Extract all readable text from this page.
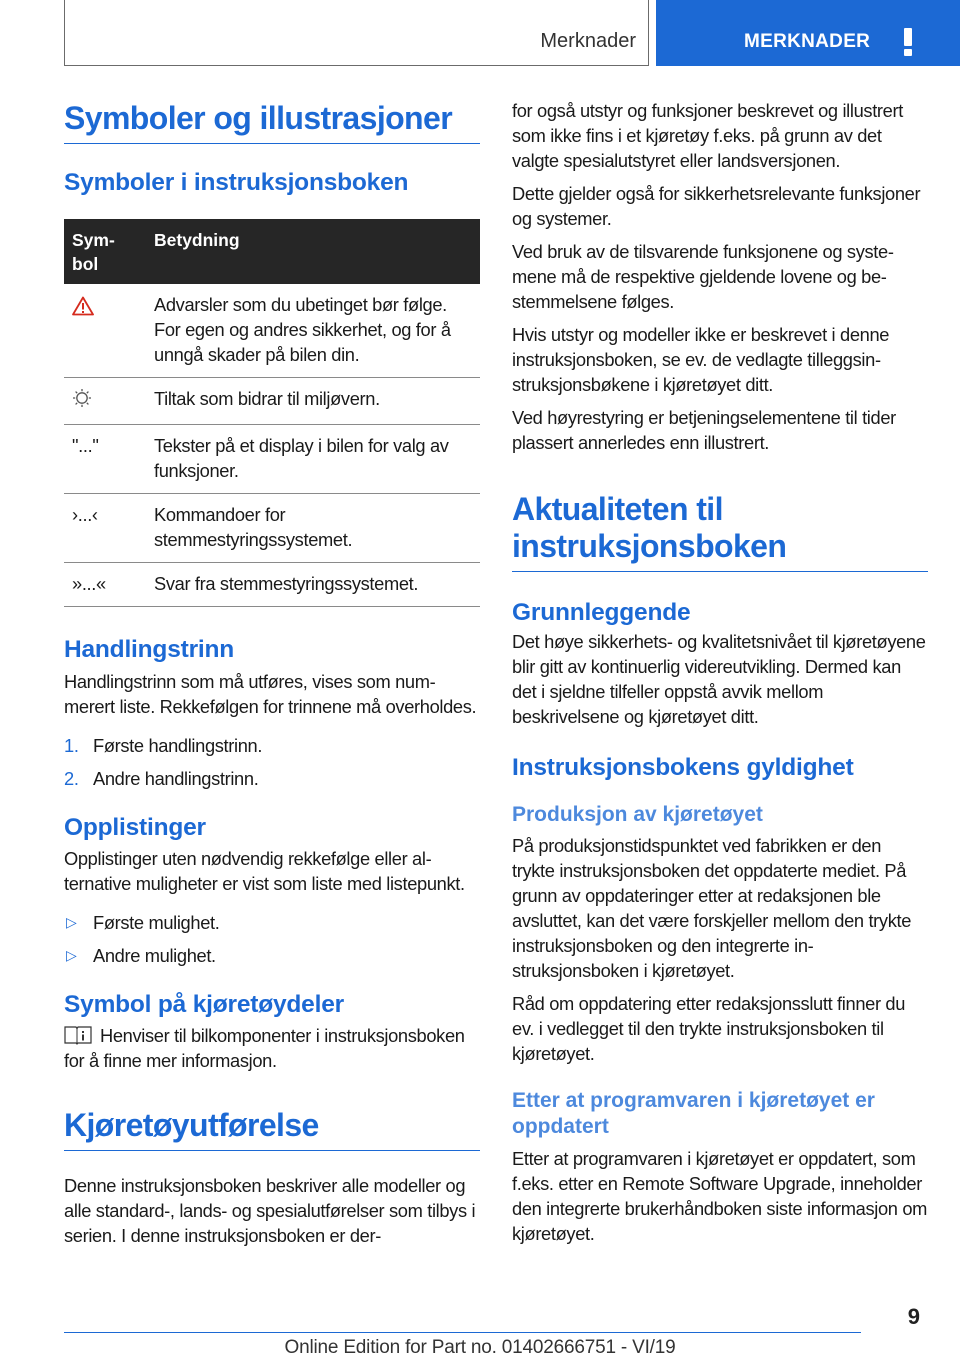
Merknader	MERKNADER
Symboler og illustrasjoner
Symboler i instruksjonsboken
Sym-
bol	Betydning
	Advarsler som du ubetinget bør følge. For egen og andres sikkerhet, og for å unngå skader på bilen din.
	Tiltak som bidrar til miljøvern.
"..."	Tekster på et display i bilen for valg av funksjoner.
›...‹	Kommandoer for stemmestyringssystemet.
»...«	Svar fra stemmestyringssystemet.
Handlingstrinn

Handlingstrinn som må utføres, vises som nummerert liste. Rekkefølgen for trinnene må overholdes.

1. Første handlingstrinn.
2. Andre handlingstrinn.
Opplistinger

Opplistinger uten nødvendig rekkefølge eller alternative muligheter er vist som liste med listepunkt.

▷ Første mulighet.
▷ Andre mulighet.
Symbol på kjøretøydeler

Henviser til bilkomponenter i instruksjonsboken for å finne mer informasjon.

Kjøretøyutførelse

Denne instruksjonsboken beskriver alle modeller og alle standard-, lands- og spesialutførelser som tilbys i serien. I denne instruksjonsboken er der-

for også utstyr og funksjoner beskrevet og illustrert som ikke fins i et kjøretøy f.eks. på grunn av det valgte spesialutstyret eller landsversjonen.

Dette gjelder også for sikkerhetsrelevante funksjoner og systemer.

Ved bruk av de tilsvarende funksjonene og systemene må de respektive gjeldende lovene og bestemmelsene følges.

Hvis utstyr og modeller ikke er beskrevet i denne instruksjonsboken, se ev. de vedlagte tilleggsinstruksjonsbøkene i kjøretøyet ditt.

Ved høyrestyring er betjeningselementene til tider plassert annerledes enn illustrert.

Aktualiteten til instruksjonsboken
Grunnleggende

Det høye sikkerhets- og kvalitetsnivået til kjøretøyene blir gitt av kontinuerlig videreutvikling. Dermed kan det i sjeldne tilfeller oppstå avvik mellom beskrivelsene og kjøretøyet ditt.

Instruksjonsbokens gyldighet
Produksjon av kjøretøyet

På produksjonstidspunktet ved fabrikken er den trykte instruksjonsboken det oppdaterte mediet. På grunn av oppdateringer etter at redaksjonen ble avsluttet, kan det være forskjeller mellom den trykte instruksjonsboken og den integrerte instruksjonsboken i kjøretøyet.

Råd om oppdatering etter redaksjonsslutt finner du ev. i vedlegget til den trykte instruksjonsboken til kjøretøyet.

Etter at programvaren i kjøretøyet er oppdatert

Etter at programvaren i kjøretøyet er oppdatert, som f.eks. etter en Remote Software Upgrade, inneholder den integrerte brukerhåndboken siste informasjon om kjøretøyet.

9
Online Edition for Part no. 01402666751 - VI/19
